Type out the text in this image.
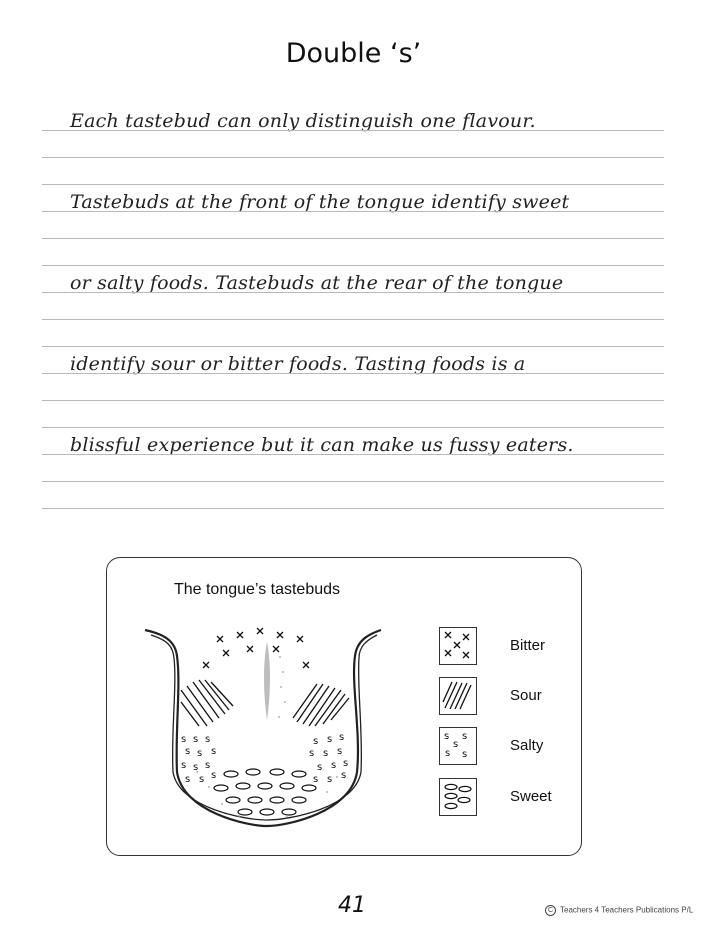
Double ‘s’
Each tastebud can only distinguish one flavour.
Tastebuds at the front of the tongue identify sweet
or salty foods. Tastebuds at the rear of the tongue
identify sour or bitter foods. Tasting foods is a
blissful experience but it can make us fussy eaters.
The tongue’s tastebuds
s s s
s s s
s s s
s s s
s s s
s s s
s s s
s s s
Bitter
Sour
s s
s
s s
Salty
Sweet
41	C Teachers 4 Teachers Publications P/L
